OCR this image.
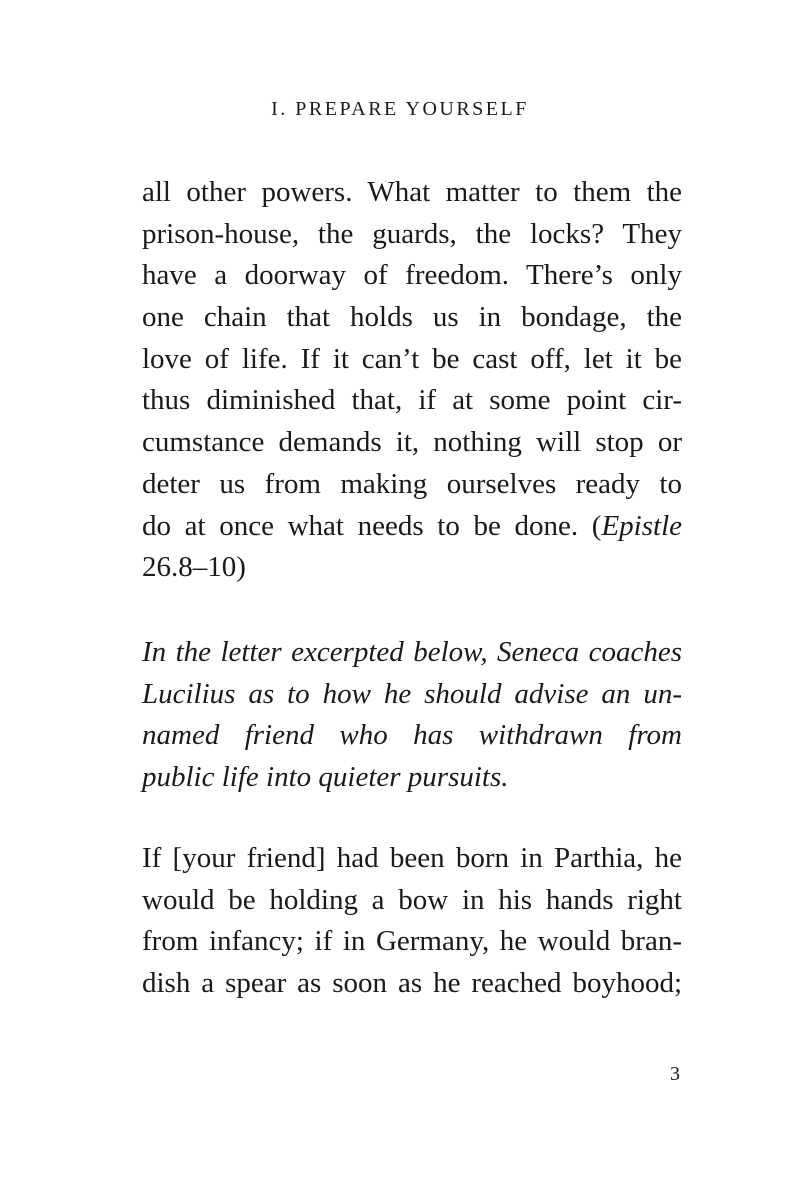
I. PREPARE YOURSELF
all other powers. What matter to them the
prison-house, the guards, the locks? They
have a doorway of freedom. There’s only
one chain that holds us in bondage, the
love of life. If it can’t be cast off, let it be
thus diminished that, if at some point cir-
cumstance demands it, nothing will stop or
deter us from making ourselves ready to
do at once what needs to be done. (Epistle
26.8–10)
In the letter excerpted below, Seneca coaches
Lucilius as to how he should advise an un-
named friend who has withdrawn from
public life into quieter pursuits.
If [your friend] had been born in Parthia, he
would be holding a bow in his hands right
from infancy; if in Germany, he would bran-
dish a spear as soon as he reached boyhood;
3
